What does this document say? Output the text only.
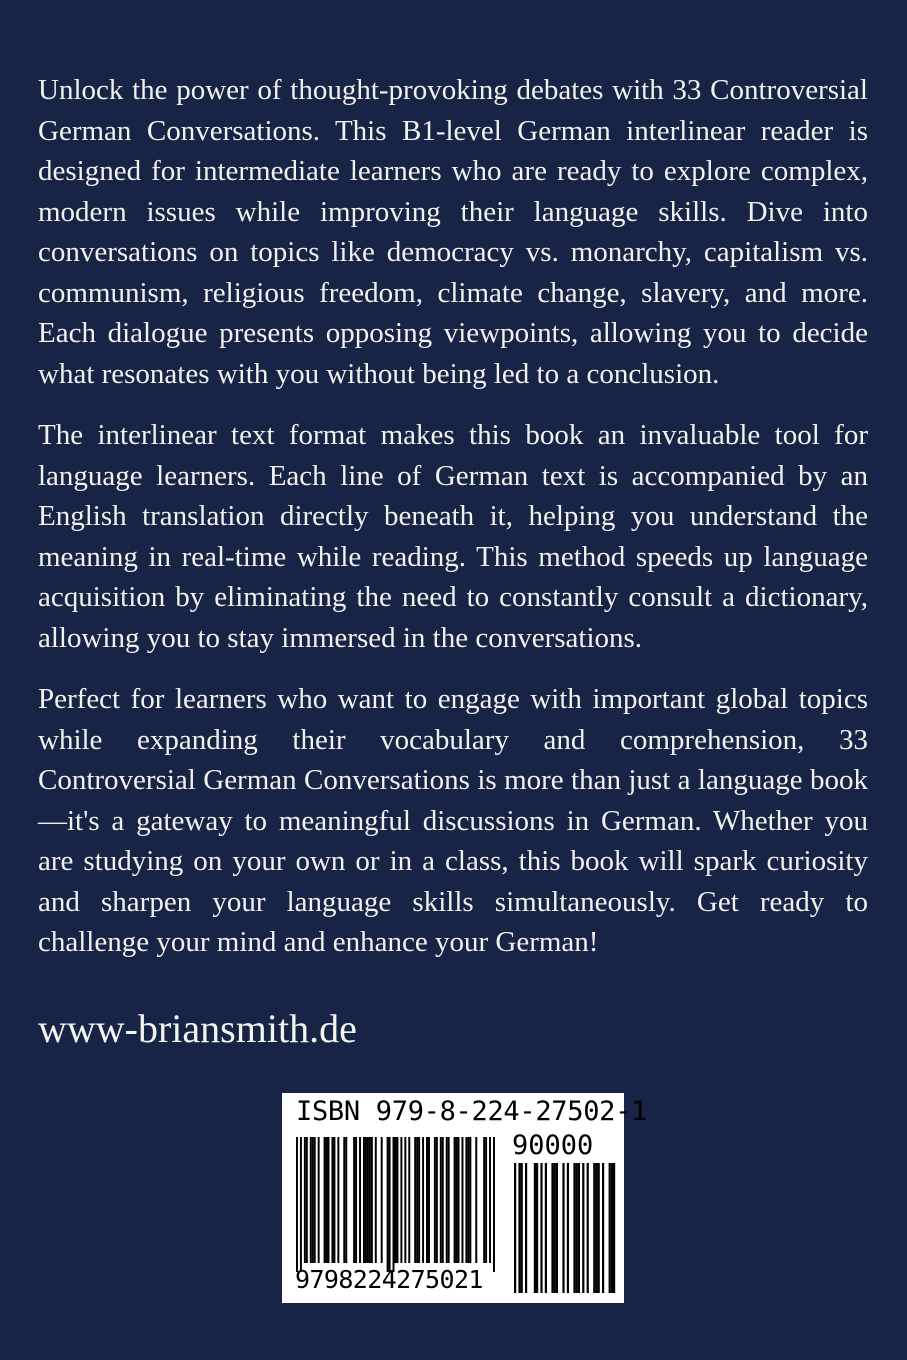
Unlock the power of thought-provoking debates with 33 Controversial German Conversations. This B1-level German interlinear reader is designed for intermediate learners who are ready to explore complex, modern issues while improving their language skills. Dive into conversations on topics like democracy vs. monarchy, capitalism vs. communism, religious freedom, climate change, slavery, and more. Each dialogue presents opposing viewpoints, allowing you to decide what resonates with you without being led to a conclusion.

The interlinear text format makes this book an invaluable tool for language learners. Each line of German text is accompanied by an English translation directly beneath it, helping you understand the meaning in real-time while reading. This method speeds up language acquisition by eliminating the need to constantly consult a dictionary, allowing you to stay immersed in the conversations.

Perfect for learners who want to engage with important global topics while expanding their vocabulary and comprehension, 33 Controversial German Conversations is more than just a language book—it's a gateway to meaningful discussions in German. Whether you are studying on your own or in a class, this book will spark curiosity and sharpen your language skills simultaneously. Get ready to challenge your mind and enhance your German!

www-briansmith.de
ISBN 979-8-224-27502-1
90000
9798224275021
